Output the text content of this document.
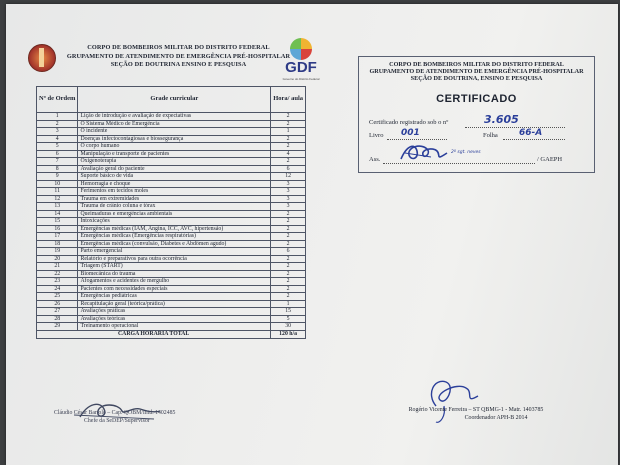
CORPO DE BOMBEIROS MILITAR DO DISTRITO FEDERAL
GRUPAMENTO DE ATENDIMENTO DE EMERGÊNCIA PRÉ-HOSPITALAR
SEÇÃO DE DOUTRINA ENSINO E PESQUISA	GDF
Governo do Distrito Federal
Nº de Ordem	Grade curricular	Hora/ aula
1	Lição de introdução e avaliação de expectativas	2
2	O Sistema Médico de Emergência	2
3	O incidente	1
4	Doenças infectocontagiosas e biossegurança	2
5	O corpo humano	2
6	Manipulação e transporte de pacientes	4
7	Oxigenoterapia	2
8	Avaliação geral do paciente	6
9	Suporte básico de vida	12
10	Hemorragia e choque	3
11	Ferimentos em tecidos moles	3
12	Trauma em extremidades	3
13	Trauma de crânio coluna e tórax	3
14	Queimaduras e emergências ambientais	2
15	Intoxicações	2
16	Emergências médicas (IAM, Angina, ICC, AVC, hipertensão)	2
17	Emergências médicas (Emergências respiratórias)	2
18	Emergências médicas (convulsão, Diabetes e Abdômen agudo)	2
19	Parto emergencial	6
20	Relatório e preparativos para outra ocorrência	2
21	Triagem (START)	2
22	Biomecânica do trauma	2
23	Afogamentos e acidentes de mergulho	2
24	Pacientes com necessidades especiais	2
25	Emergências pediátricas	2
26	Recapitulação geral (teórica/prática)	1
27	Avaliações práticas	15
28	Avaliações teóricas	5
29	Treinamento operacional	30
CARGA HORÁRIA TOTAL		120 h/a
CORPO DE BOMBEIROS MILITAR DO DISTRITO FEDERAL
GRUPAMENTO DE ATENDIMENTO DE EMERGÊNCIA PRÉ-HOSPITALAR
SEÇÃO DE DOUTRINA, ENSINO E PESQUISA
CERTIFICADO
Certificado registrado sob o nº	3.605
Livro 001	Folha 66-A
Ass.	/ GAEPH
2º sgt. neves
Cláudio César Bartolo – Cap. QOBM/Intd. 1402485
Chefe da SeDEP/Supervisor
Rogério Vicente Ferreira – ST QBMG-1 - Matr. 1403785
Coordenador APH-B 2014
